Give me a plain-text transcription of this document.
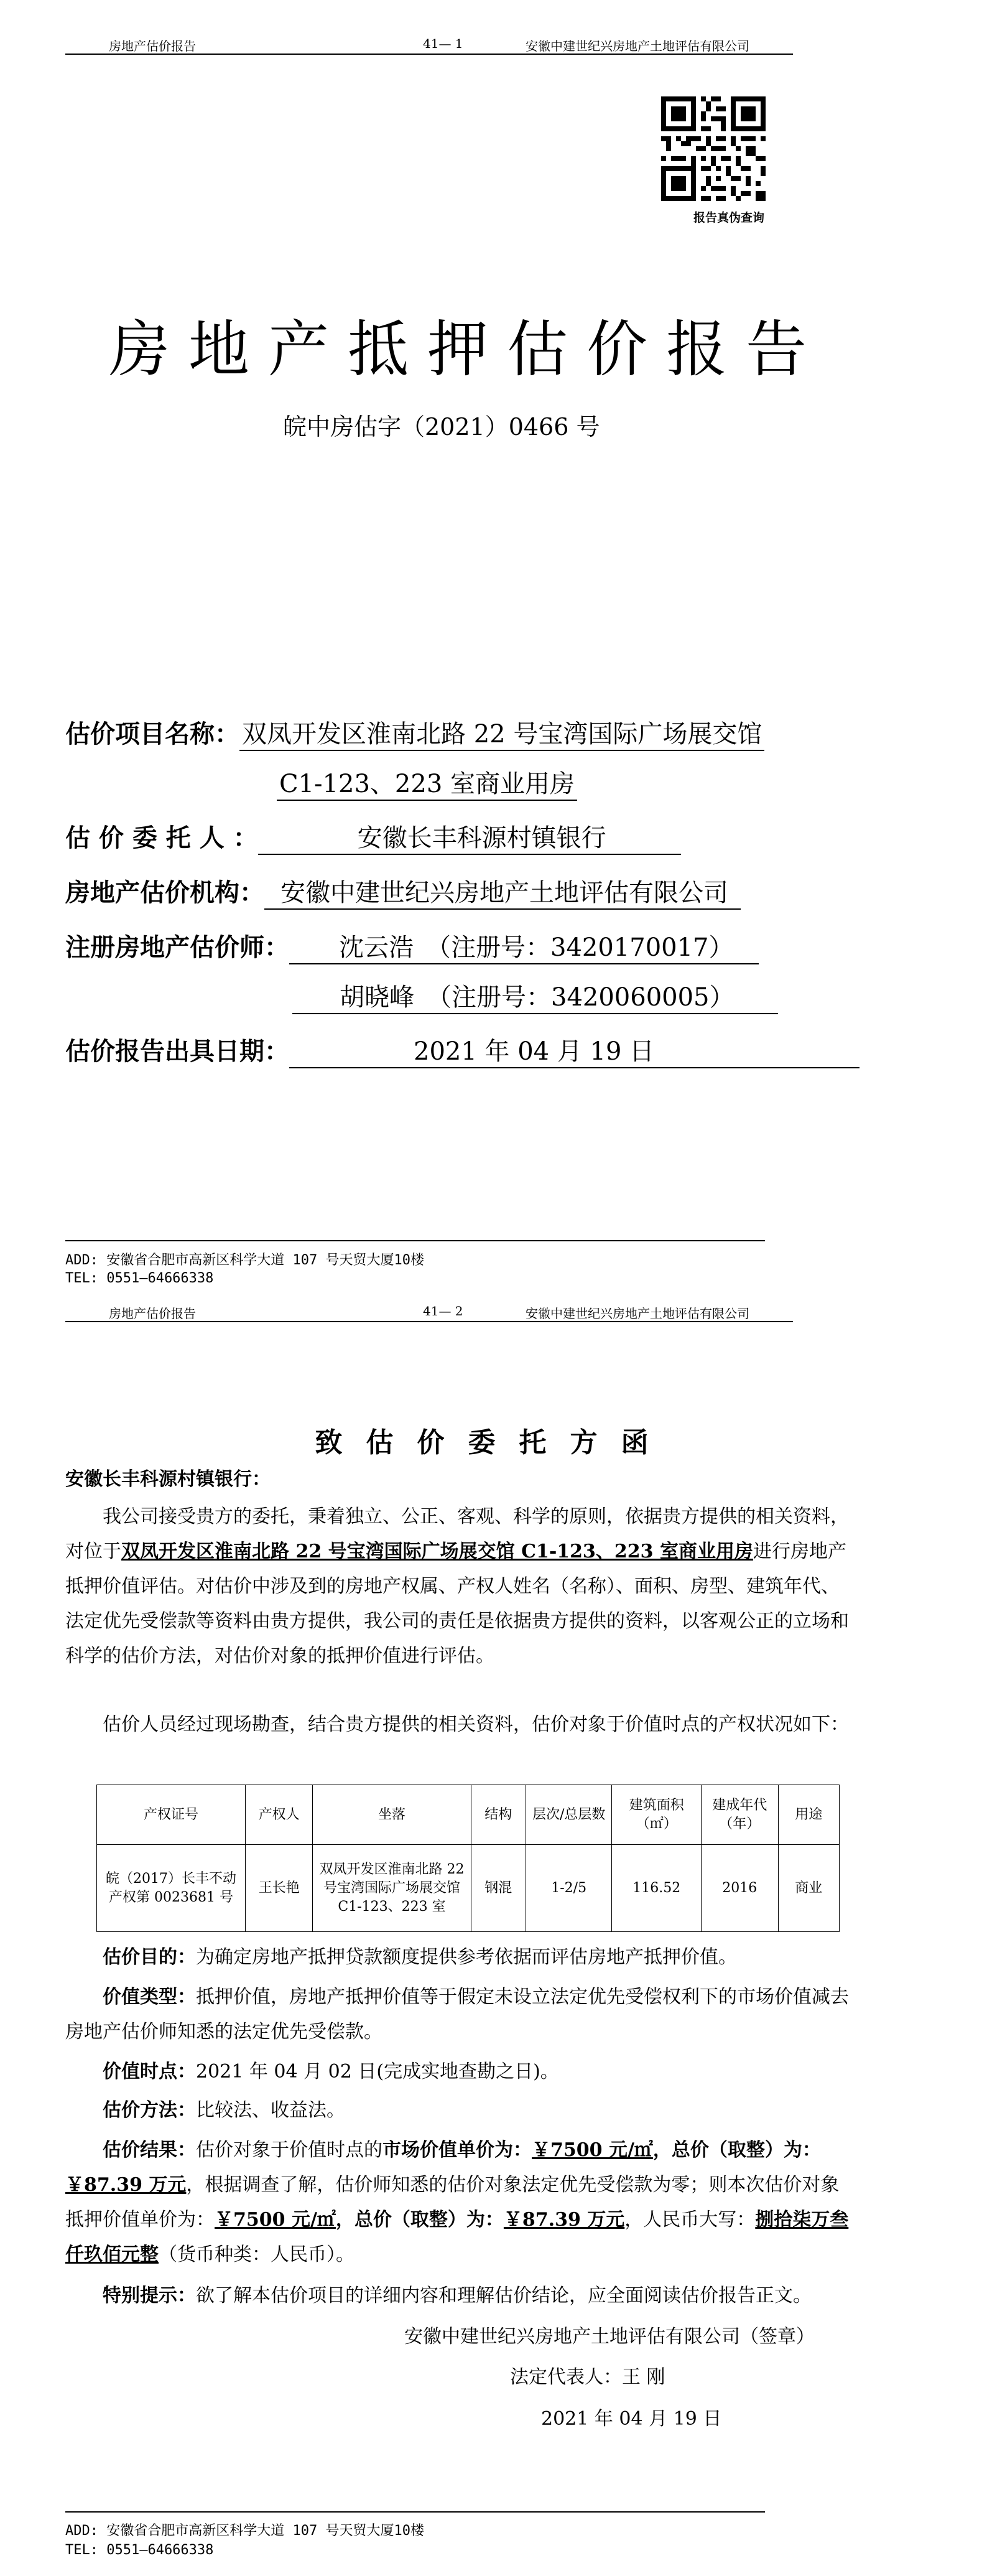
房地产估价报告	41— 1	安徽中建世纪兴房地产土地评估有限公司
报告真伪查询
房地产抵押估价报告
皖中房估字（2021）0466 号
估价项目名称： 双凤开发区淮南北路 22 号宝湾国际广场展交馆
C1-123、223 室商业用房
估 价 委 托 人 ：	安徽长丰科源村镇银行
房地产估价机构： 安徽中建世纪兴房地产土地评估有限公司
注册房地产估价师： 沈云浩　（注册号：3420170017）
胡晓峰　（注册号：3420060005）
估价报告出具日期：	2021 年 04 月 19 日
ADD: 安徽省合肥市高新区科学大道 107 号天贸大厦10楼
TEL: 0551—64666338
房地产估价报告	41— 2	安徽中建世纪兴房地产土地评估有限公司
致估价委托方函
安徽长丰科源村镇银行：
我公司接受贵方的委托，秉着独立、公正、客观、科学的原则，依据贵方提供的相关资料，对位于双凤开发区淮南北路 22 号宝湾国际广场展交馆 C1-123、223 室商业用房进行房地产抵押价值评估。对估价中涉及到的房地产权属、产权人姓名（名称）、面积、房型、建筑年代、法定优先受偿款等资料由贵方提供，我公司的责任是依据贵方提供的资料，以客观公正的立场和科学的估价方法，对估价对象的抵押价值进行评估。
估价人员经过现场勘查，结合贵方提供的相关资料，估价对象于价值时点的产权状况如下：
产权证号	产权人	坐落	结构	层次/总层数	建筑面积（㎡）	建成年代（年）	用途
皖（2017）长丰不动产权第 0023681 号	王长艳	双凤开发区淮南北路 22 号宝湾国际广场展交馆 C1-123、223 室	钢混	1-2/5	116.52	2016	商业
估价目的：为确定房地产抵押贷款额度提供参考依据而评估房地产抵押价值。
价值类型：抵押价值，房地产抵押价值等于假定未设立法定优先受偿权利下的市场价值减去房地产估价师知悉的法定优先受偿款。
价值时点：2021 年 04 月 02 日(完成实地查勘之日)。
估价方法：比较法、收益法。
估价结果：估价对象于价值时点的市场价值单价为：￥7500 元/㎡，总价（取整）为：￥87.39 万元，根据调查了解，估价师知悉的估价对象法定优先受偿款为零；则本次估价对象抵押价值单价为：￥7500 元/㎡，总价（取整）为：￥87.39 万元，人民币大写：捌拾柒万叁仟玖佰元整（货币种类：人民币）。
特别提示：欲了解本估价项目的详细内容和理解估价结论，应全面阅读估价报告正文。
安徽中建世纪兴房地产土地评估有限公司（签章）
法定代表人：王 刚
2021 年 04 月 19 日
ADD: 安徽省合肥市高新区科学大道 107 号天贸大厦10楼
TEL: 0551—64666338
